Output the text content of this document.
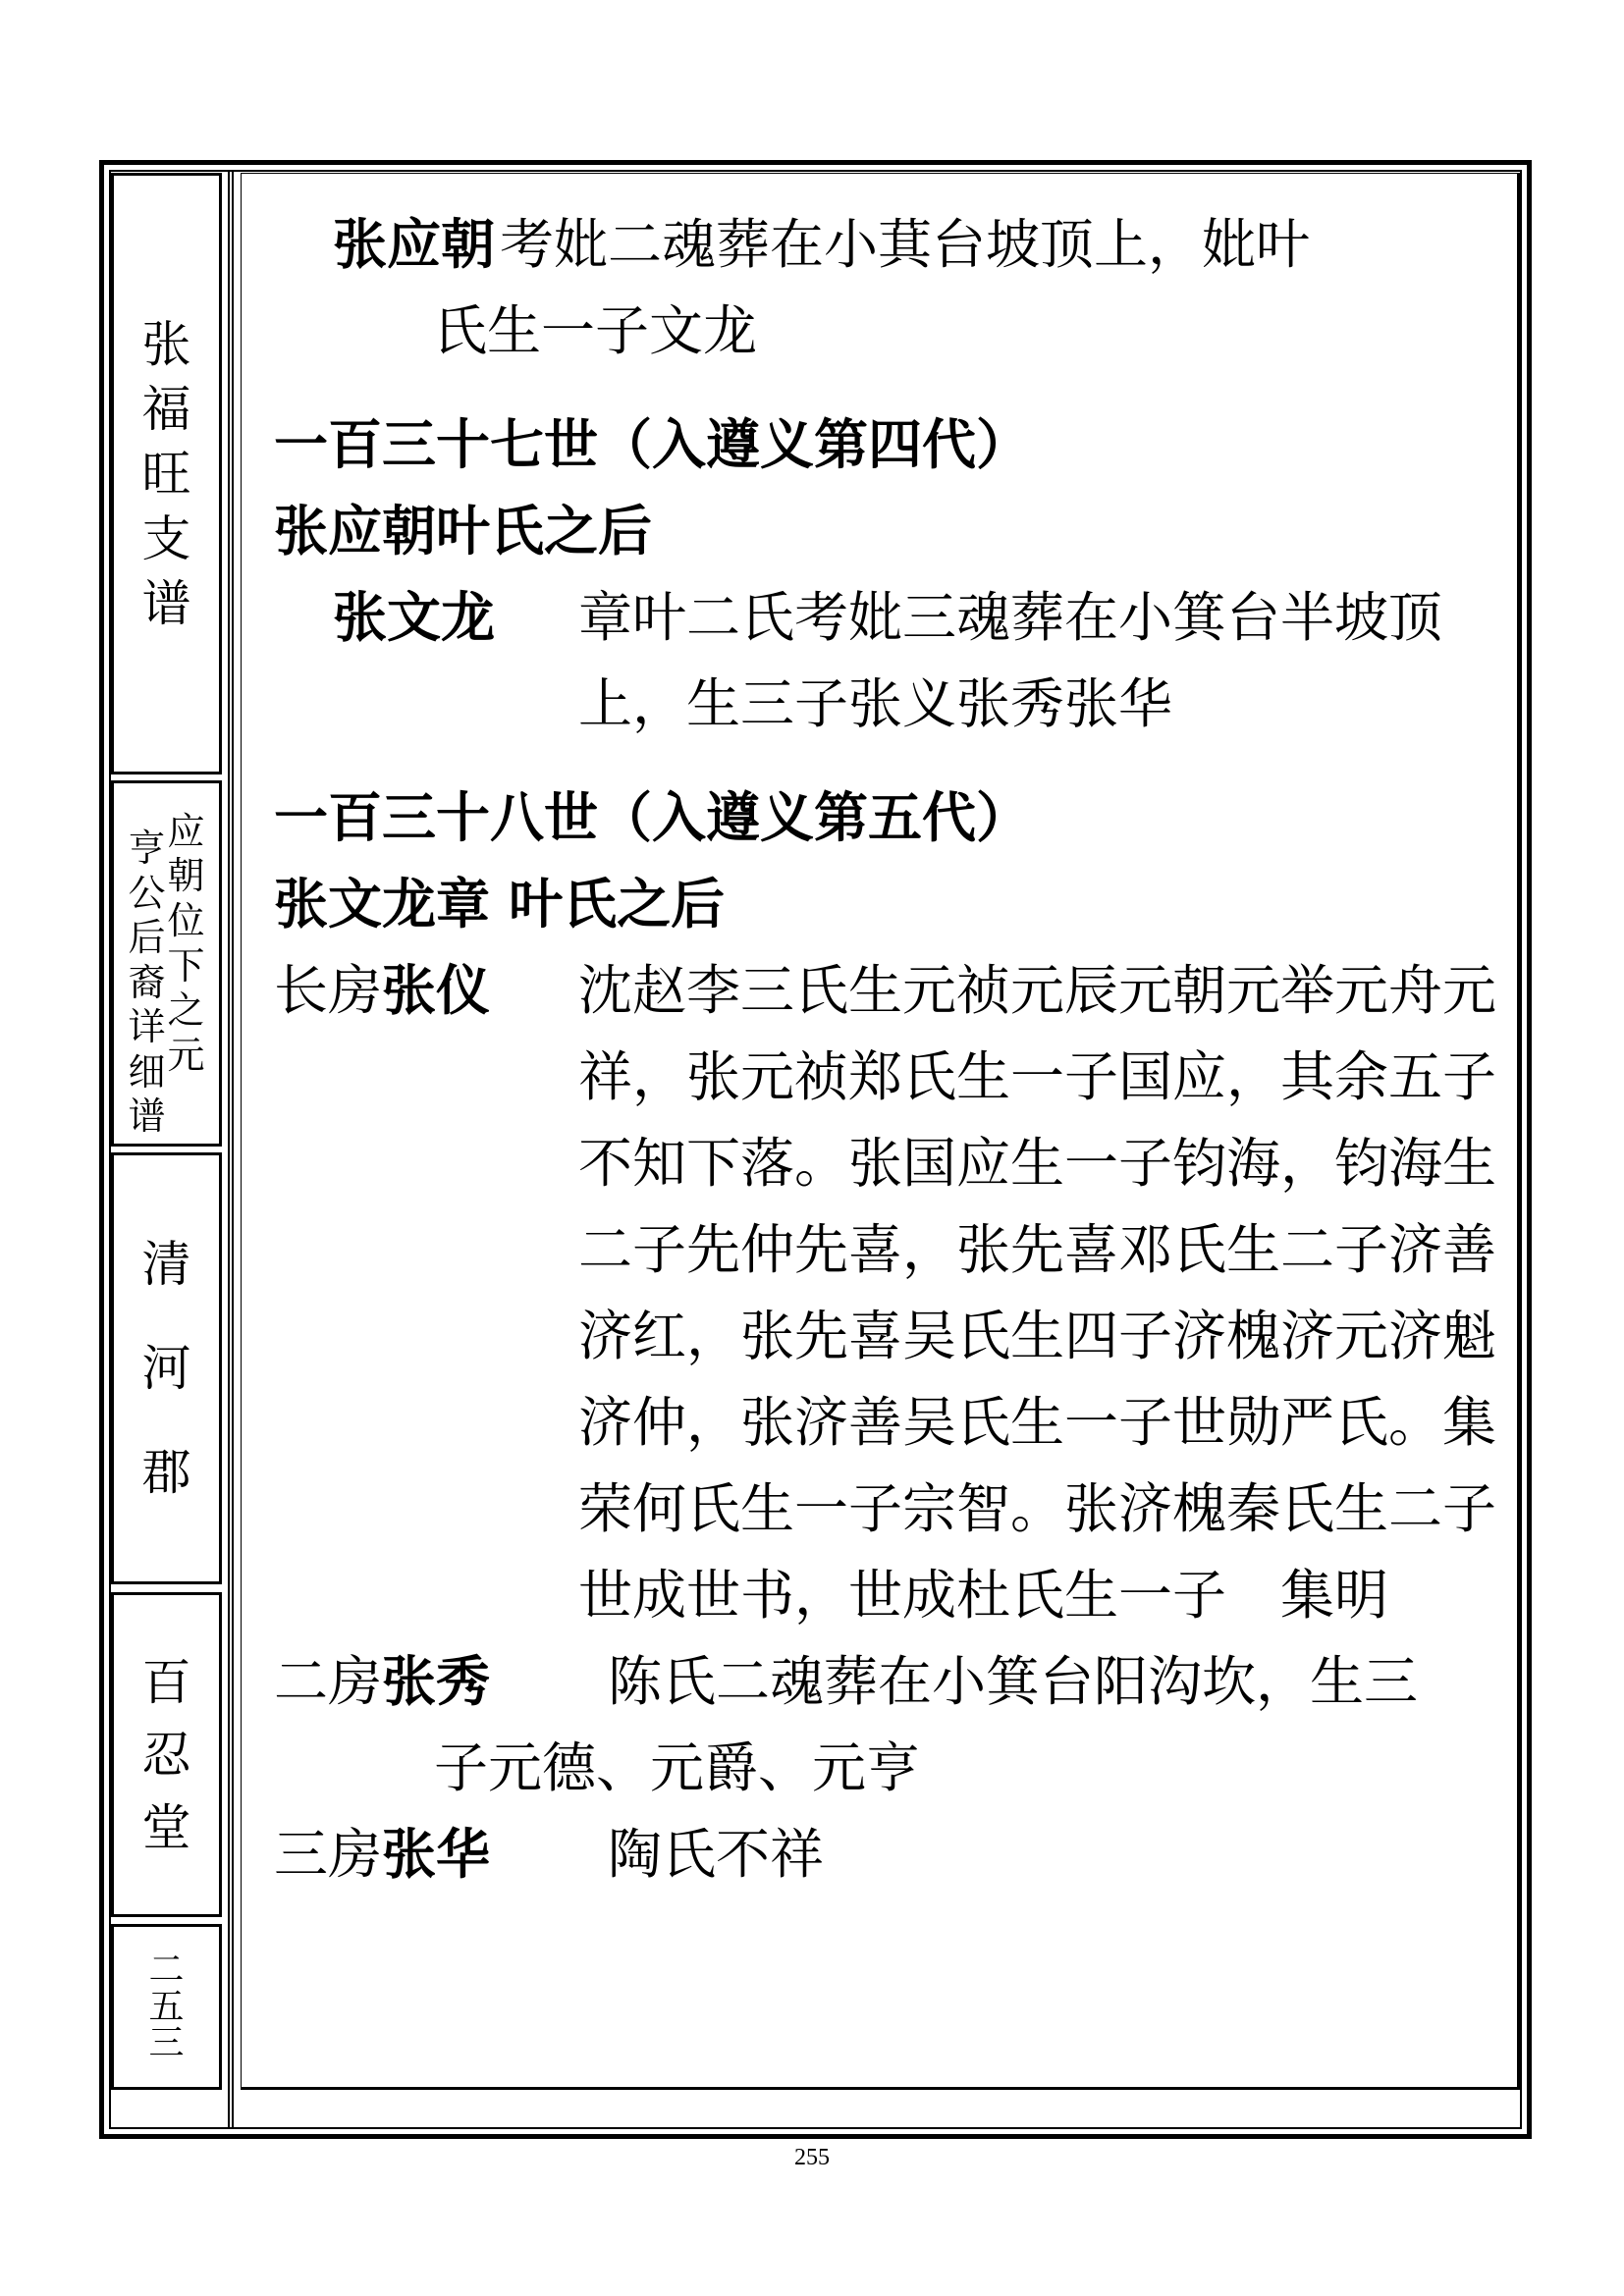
张
福
旺
支
谱
亨
公
后
裔
详
细
谱
应
朝
位
下
之
元
清
河
郡
百
忍
堂
二
五
三
张应朝 考妣二魂葬在小萁台坡顶上，妣叶
氏生一子文龙
一百三十七世（入遵义第四代）
张应朝叶氏之后
张文龙	章叶二氏考妣三魂葬在小箕台半坡顶上，生三子张义张秀张华
一百三十八世（入遵义第五代）
张文龙章 叶氏之后
长房张仪	沈赵李三氏生元祯元辰元朝元举元舟元祥，张元祯郑氏生一子国应，其余五子不知下落。张国应生一子钧海，钧海生二子先仲先喜，张先喜邓氏生二子济善济红，张先喜吴氏生四子济槐济元济魁济仲，张济善吴氏生一子世勋严氏。集荣何氏生一子宗智。张济槐秦氏生二子世成世书，世成杜氏生一子　集明
二房张秀	陈氏二魂葬在小箕台阳沟坎，生三
子元德、元爵、元亨
三房张华	陶氏不祥
255
